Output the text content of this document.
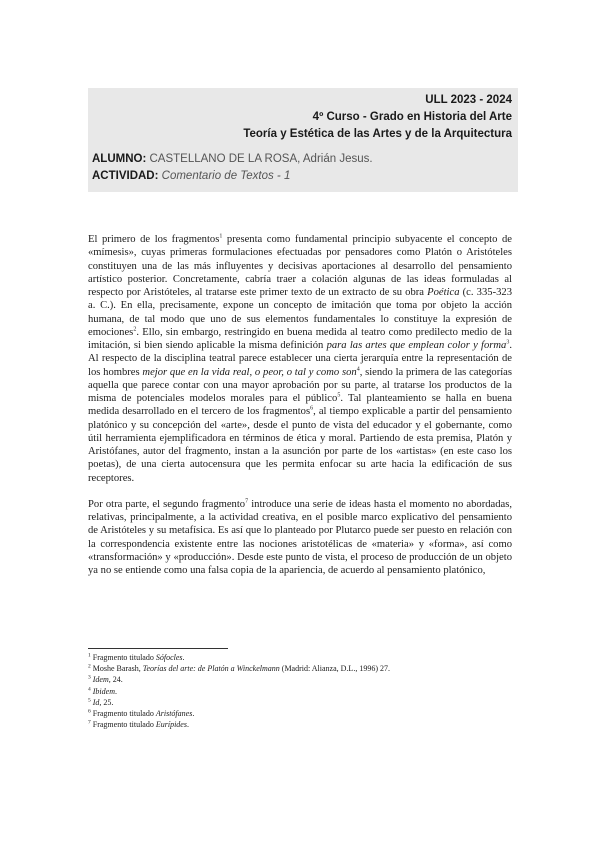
ULL 2023 - 2024
4º Curso - Grado en Historia del Arte
Teoría y Estética de las Artes y de la Arquitectura
ALUMNO: CASTELLANO DE LA ROSA, Adrián Jesus.
ACTIVIDAD: Comentario de Textos - 1

El primero de los fragmentos$^1$ presenta como fundamental principio subyacente el concepto de «mímesis», cuyas primeras formulaciones efectuadas por pensadores como Platón o Aristóteles constituyen una de las más influyentes y decisivas aportaciones al desarrollo del pensamiento artístico posterior. Concretamente, cabría traer a colación algunas de las ideas formuladas al respecto por Aristóteles, al tratarse este primer texto de un extracto de su obra Poética (c. 335-323 a. C.). En ella, precisamente, expone un concepto de imitación que toma por objeto la acción humana, de tal modo que uno de sus elementos fundamentales lo constituye la expresión de emociones$^2$. Ello, sin embargo, restringido en buena medida al teatro como predilecto medio de la imitación, si bien siendo aplicable la misma definición para las artes que emplean color y forma$^3$. Al respecto de la disciplina teatral parece establecer una cierta jerarquía entre la representación de los hombres mejor que en la vida real, o peor, o tal y como son$^4$, siendo la primera de las categorías aquella que parece contar con una mayor aprobación por su parte, al tratarse los productos de la misma de potenciales modelos morales para el público$^5$. Tal planteamiento se halla en buena medida desarrollado en el tercero de los fragmentos$^6$, al tiempo explicable a partir del pensamiento platónico y su concepción del «arte», desde el punto de vista del educador y el gobernante, como útil herramienta ejemplificadora en términos de ética y moral. Partiendo de esta premisa, Platón y Aristófanes, autor del fragmento, instan a la asunción por parte de los «artistas» (en este caso los poetas), de una cierta autocensura que les permita enfocar su arte hacia la edificación de sus receptores.

Por otra parte, el segundo fragmento$^7$ introduce una serie de ideas hasta el momento no abordadas, relativas, principalmente, a la actividad creativa, en el posible marco explicativo del pensamiento de Aristóteles y su metafísica. Es así que lo planteado por Plutarco puede ser puesto en relación con la correspondencia existente entre las nociones aristotélicas de «materia» y «forma», así como «transformación» y «producción». Desde este punto de vista, el proceso de producción de un objeto ya no se entiende como una falsa copia de la apariencia, de acuerdo al pensamiento platónico,

$^1$ Fragmento titulado Sófocles.
$^2$ Moshe Barash, Teorías del arte: de Platón a Winckelmann (Madrid: Alianza, D.L., 1996) 27.
$^3$ Idem, 24.
$^4$ Ibidem.
$^5$ Id, 25.
$^6$ Fragmento titulado Aristófanes.
$^7$ Fragmento titulado Eurípides.
